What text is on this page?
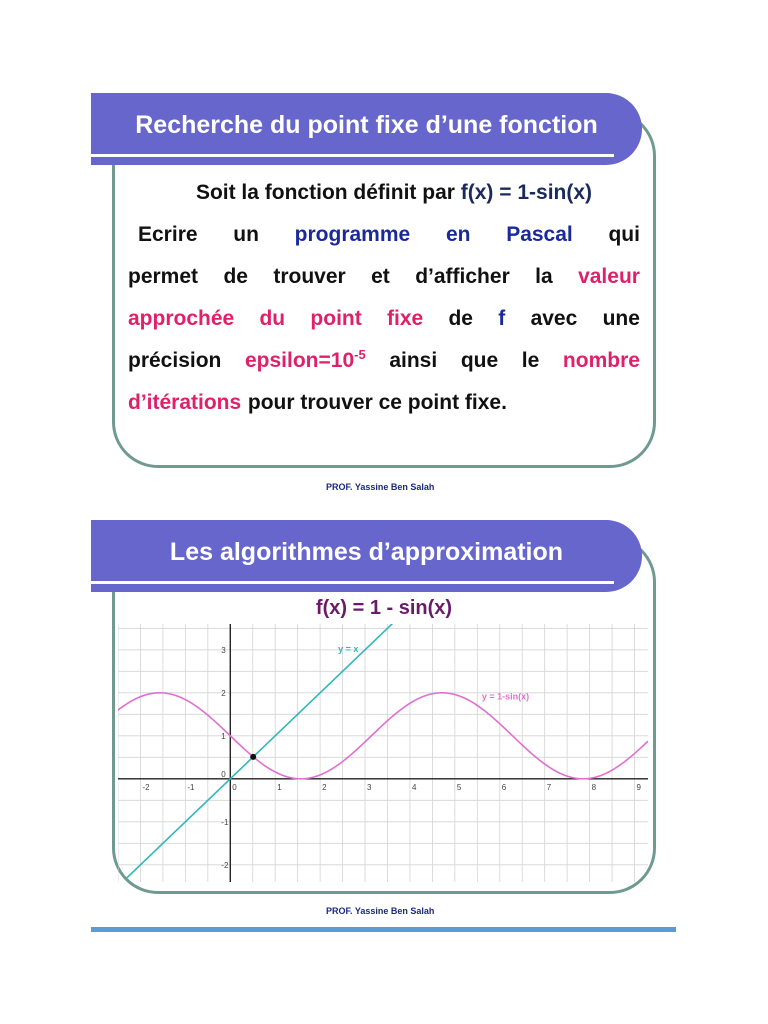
Recherche du point fixe d’une fonction
Soit la fonction définit par f(x) = 1-sin(x)
Ecrire un programme en Pascal qui
permet de trouver et d’afficher la valeur
approchée du point fixe de f avec une
précision $epsilon=10^{-5}$ ainsi que le nombre
d’itérations pour trouver ce point fixe.
PROF. Yassine Ben Salah
Les algorithmes d’approximation
f(x) = 1 - sin(x)
-2	-1	0	1	2	3	4	5	6	7	8	9
-2
-1
1
2
3
0
y = x
y = 1-sin(x)
PROF. Yassine Ben Salah
